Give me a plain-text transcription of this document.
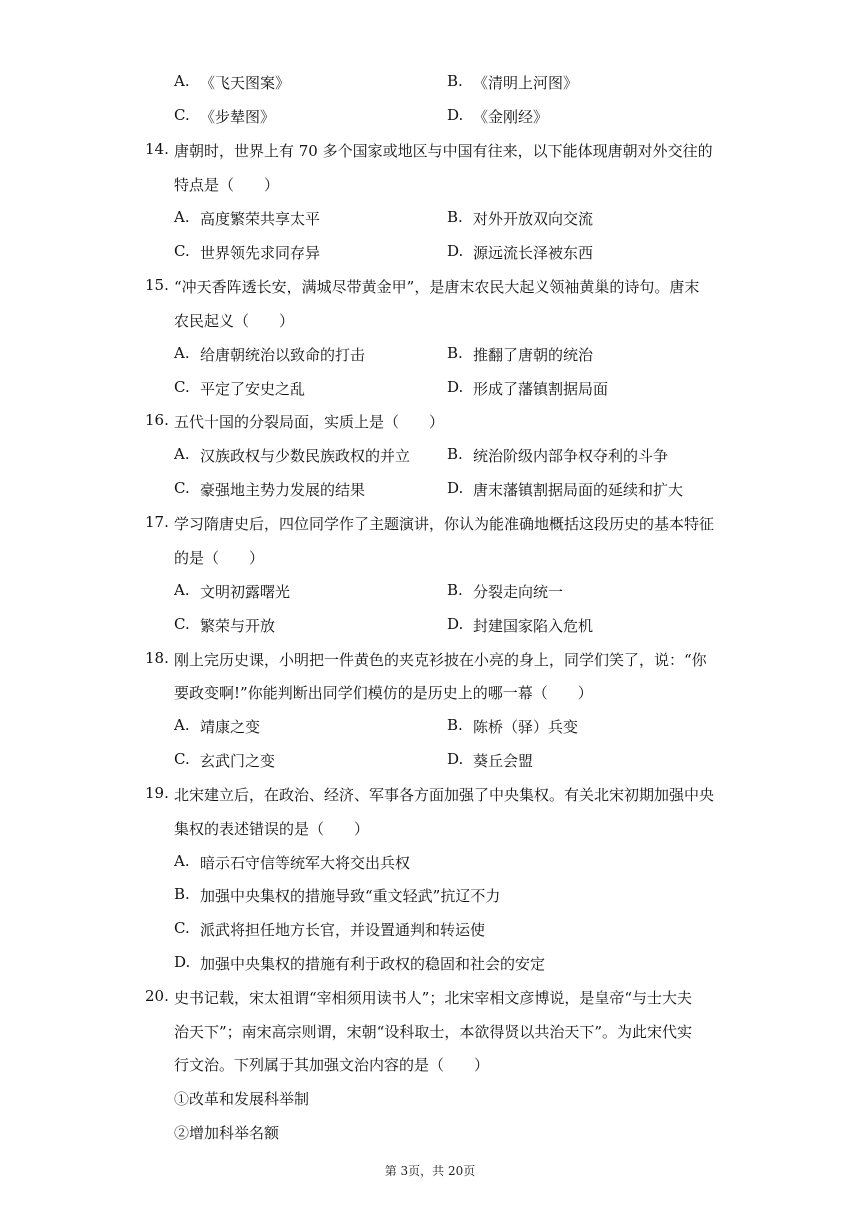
A. 《飞天图案》	B. 《清明上河图》
C. 《步辇图》	D. 《金刚经》
14. 唐朝时，世界上有 70 多个国家或地区与中国有往来，以下能体现唐朝对外交往的
特点是（　　）
A. 高度繁荣共享太平	B. 对外开放双向交流
C. 世界领先求同存异	D. 源远流长泽被东西
15. “冲天香阵透长安，满城尽带黄金甲”，是唐末农民大起义领袖黄巢的诗句。唐末
农民起义（　　）
A. 给唐朝统治以致命的打击	B. 推翻了唐朝的统治
C. 平定了安史之乱	D. 形成了藩镇割据局面
16. 五代十国的分裂局面，实质上是（　　）
A. 汉族政权与少数民族政权的并立 B. 统治阶级内部争权夺利的斗争
C. 豪强地主势力发展的结果	D. 唐末藩镇割据局面的延续和扩大
17. 学习隋唐史后，四位同学作了主题演讲，你认为能准确地概括这段历史的基本特征
的是（　　）
A. 文明初露曙光	B. 分裂走向统一
C. 繁荣与开放	D. 封建国家陷入危机
18. 刚上完历史课，小明把一件黄色的夹克衫披在小亮的身上，同学们笑了，说：“你
要政变啊!”你能判断出同学们模仿的是历史上的哪一幕（　　）
A. 靖康之变	B. 陈桥（驿）兵变
C. 玄武门之变	D. 葵丘会盟
19. 北宋建立后，在政治、经济、军事各方面加强了中央集权。有关北宋初期加强中央
集权的表述错误的是（　　）
A. 暗示石守信等统军大将交出兵权
B. 加强中央集权的措施导致“重文轻武”抗辽不力
C. 派武将担任地方长官，并设置通判和转运使
D. 加强中央集权的措施有利于政权的稳固和社会的安定
20. 史书记载，宋太祖谓“宰相须用读书人”；北宋宰相文彦博说，是皇帝“与士大夫
治天下”；南宋高宗则谓，宋朝“设科取士，本欲得贤以共治天下”。为此宋代实
行文治。下列属于其加强文治内容的是（　　）
①改革和发展科举制
②增加科举名额
第 3页，共 20页
